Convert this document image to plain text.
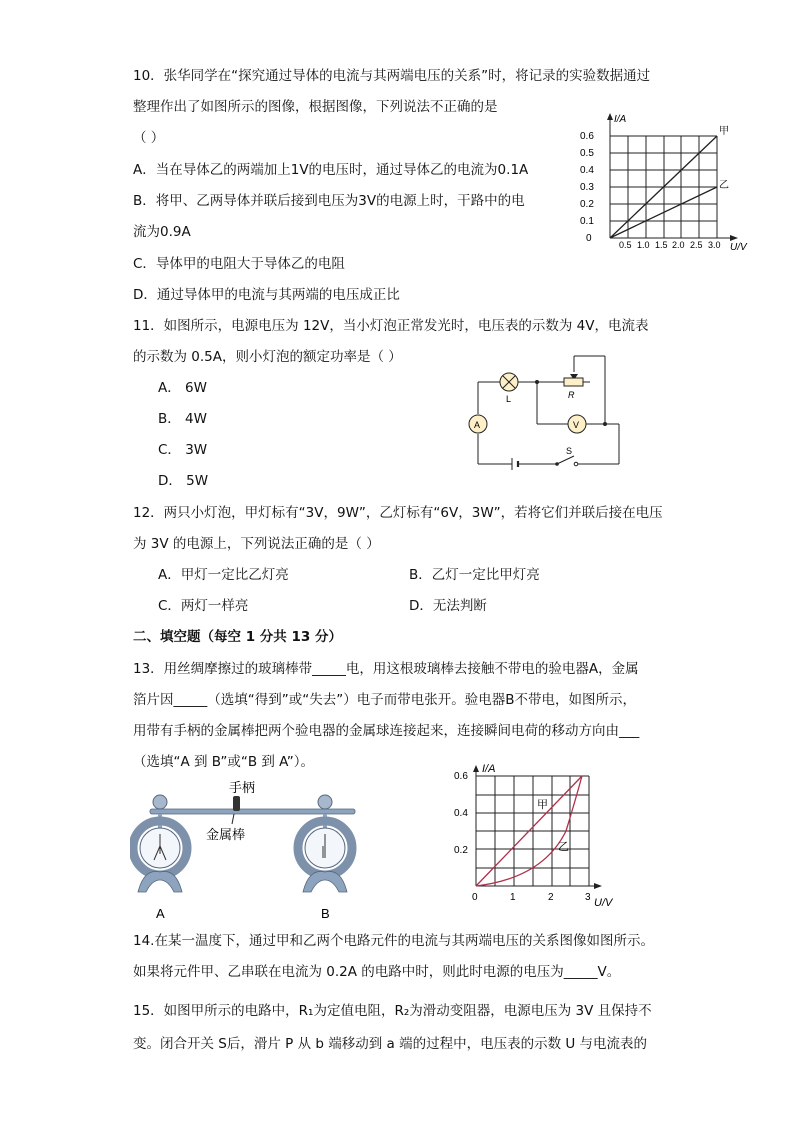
10．张华同学在“探究通过导体的电流与其两端电压的关系”时，将记录的实验数据通过
整理作出了如图所示的图像，根据图像，下列说法不正确的是
（ ）
A．当在导体乙的两端加上1V的电压时，通过导体乙的电流为0.1A
B．将甲、乙两导体并联后接到电压为3V的电源上时，干路中的电
流为0.9A
C．导体甲的电阻大于导体乙的电阻
D．通过导体甲的电流与其两端的电压成正比
I/A
U/V
0.6
0.5
0.4
0.3
0.2
0.1
0
0.5 1.0 1.5 2.0 2.5 3.0
甲
乙
11．如图所示，电源电压为 12V，当小灯泡正常发光时，电压表的示数为 4V，电流表
的示数为 0.5A，则小灯泡的额定功率是（ ）
A． 6W
B． 4W
C． 3W
D． 5W
L	R
A	V
S
12．两只小灯泡，甲灯标有“3V，9W”，乙灯标有“6V，3W”，若将它们并联后接在电压
为 3V 的电源上，下列说法正确的是（ ）
A．甲灯一定比乙灯亮	B．乙灯一定比甲灯亮
C．两灯一样亮	D．无法判断
二、填空题（每空 1 分共 13 分）
13．用丝绸摩擦过的玻璃棒带_____电，用这根玻璃棒去接触不带电的验电器A，金属
箔片因_____（选填“得到”或“失去”）电子而带电张开。验电器B不带电，如图所示，
用带有手柄的金属棒把两个验电器的金属球连接起来，连接瞬间电荷的移动方向由___
（选填“A 到 B”或“B 到 A”）。
手柄
金属棒
A	B
I/A
U/V
0.6
0.4
0.2
0	1	2	3
甲
乙
14.在某一温度下，通过甲和乙两个电路元件的电流与其两端电压的关系图像如图所示。
如果将元件甲、乙串联在电流为 0.2A 的电路中时，则此时电源的电压为_____V。
15．如图甲所示的电路中，R₁为定值电阻，R₂为滑动变阻器，电源电压为 3V 且保持不
变。闭合开关 S后，滑片 P 从 b 端移动到 a 端的过程中，电压表的示数 U 与电流表的
